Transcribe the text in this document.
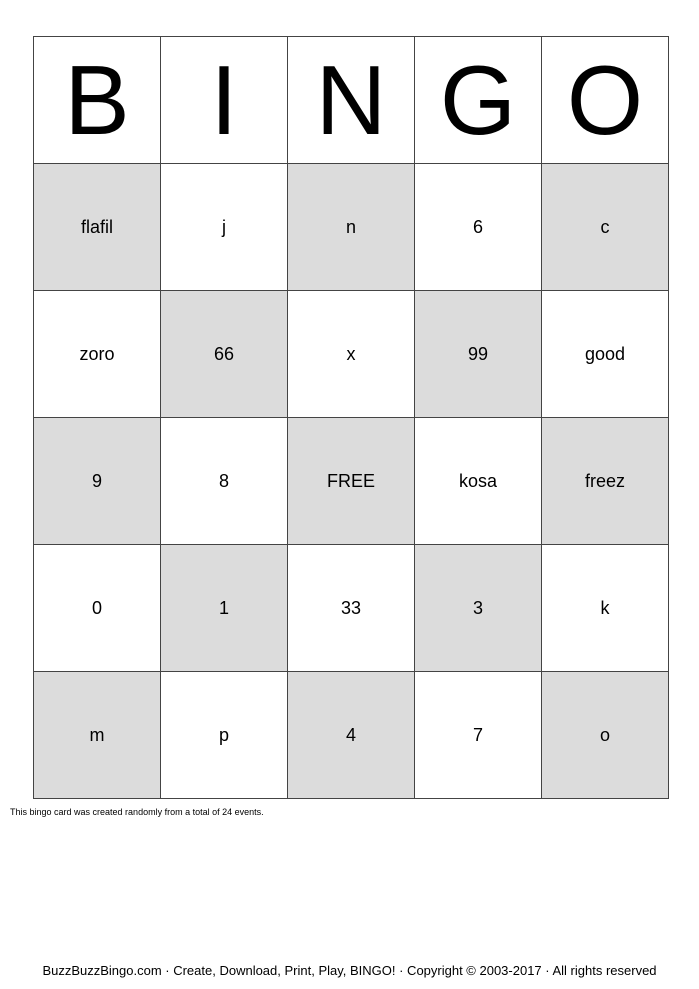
B	I	N	G	O
flafil	j	n	6	c
zoro	66	x	99	good
9	8	FREE	kosa	freez
0	1	33	3	k
m	p	4	7	o
This bingo card was created randomly from a total of 24 events.
BuzzBuzzBingo.com · Create, Download, Print, Play, BINGO! · Copyright © 2003-2017 · All rights reserved
